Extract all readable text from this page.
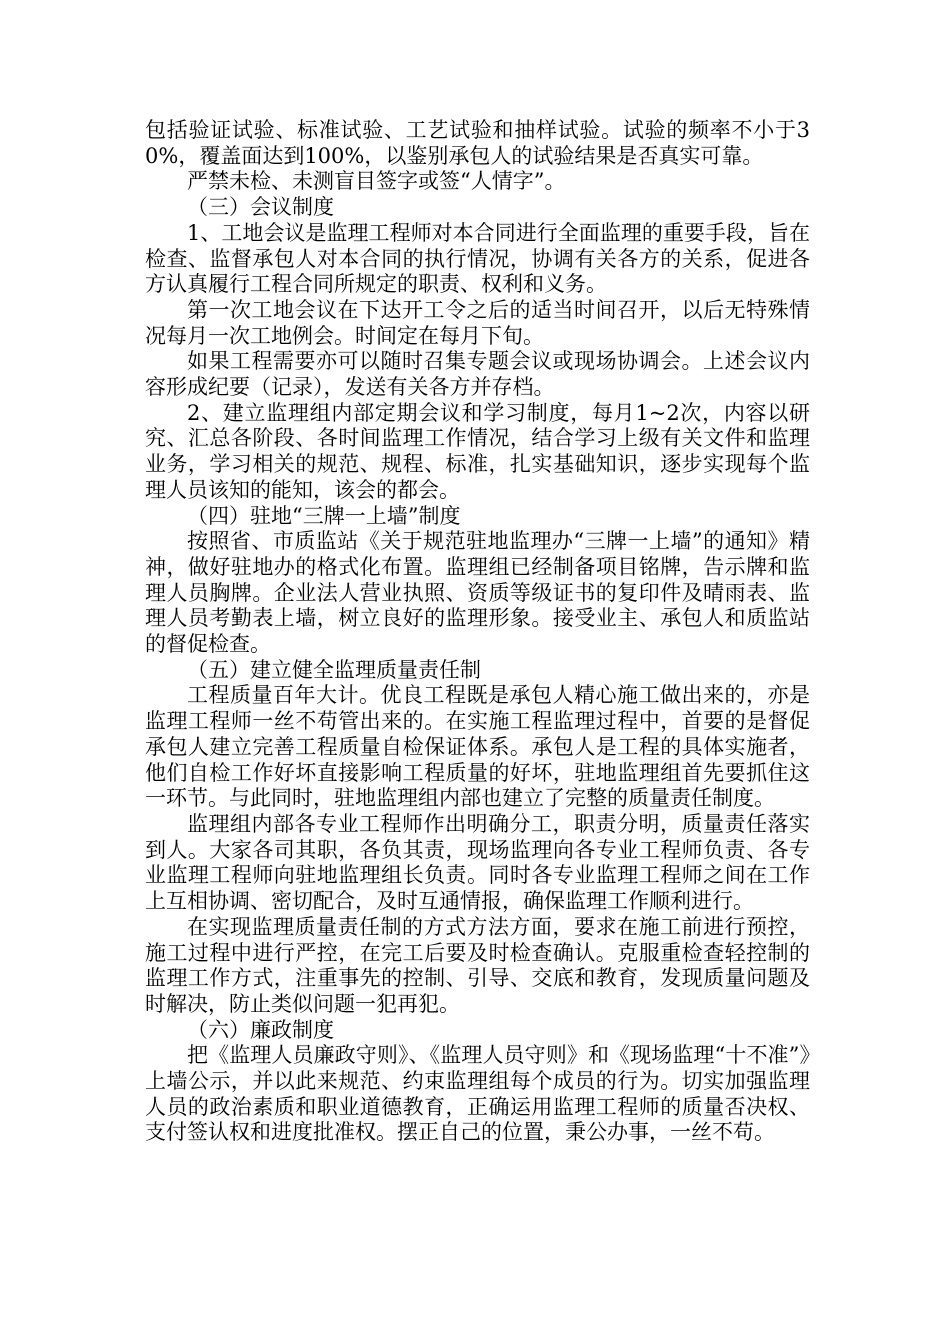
包括验证试验、标准试验、工艺试验和抽样试验。试验的频率不小于30%，覆盖面达到100%，以鉴别承包人的试验结果是否真实可靠。

严禁未检、未测盲目签字或签“人情字”。

（三）会议制度

1、工地会议是监理工程师对本合同进行全面监理的重要手段，旨在检查、监督承包人对本合同的执行情况，协调有关各方的关系，促进各方认真履行工程合同所规定的职责、权利和义务。

第一次工地会议在下达开工令之后的适当时间召开，以后无特殊情况每月一次工地例会。时间定在每月下旬。

如果工程需要亦可以随时召集专题会议或现场协调会。上述会议内容形成纪要（记录），发送有关各方并存档。

2、建立监理组内部定期会议和学习制度，每月1~2次，内容以研究、汇总各阶段、各时间监理工作情况，结合学习上级有关文件和监理业务，学习相关的规范、规程、标准，扎实基础知识，逐步实现每个监理人员该知的能知，该会的都会。

（四）驻地“三牌一上墙”制度

按照省、市质监站《关于规范驻地监理办“三牌一上墙”的通知》精神，做好驻地办的格式化布置。监理组已经制备项目铭牌，告示牌和监理人员胸牌。企业法人营业执照、资质等级证书的复印件及晴雨表、监理人员考勤表上墙，树立良好的监理形象。接受业主、承包人和质监站的督促检查。

（五）建立健全监理质量责任制

工程质量百年大计。优良工程既是承包人精心施工做出来的，亦是监理工程师一丝不苟管出来的。在实施工程监理过程中，首要的是督促承包人建立完善工程质量自检保证体系。承包人是工程的具体实施者，他们自检工作好坏直接影响工程质量的好坏，驻地监理组首先要抓住这一环节。与此同时，驻地监理组内部也建立了完整的质量责任制度。

监理组内部各专业工程师作出明确分工，职责分明，质量责任落实到人。大家各司其职，各负其责，现场监理向各专业工程师负责、各专业监理工程师向驻地监理组长负责。同时各专业监理工程师之间在工作上互相协调、密切配合，及时互通情报，确保监理工作顺利进行。

在实现监理质量责任制的方式方法方面，要求在施工前进行预控，施工过程中进行严控，在完工后要及时检查确认。克服重检查轻控制的监理工作方式，注重事先的控制、引导、交底和教育，发现质量问题及时解决，防止类似问题一犯再犯。

（六）廉政制度

把《监理人员廉政守则》、《监理人员守则》和《现场监理“十不准”》上墙公示，并以此来规范、约束监理组每个成员的行为。切实加强监理人员的政治素质和职业道德教育，正确运用监理工程师的质量否决权、支付签认权和进度批准权。摆正自己的位置，秉公办事，一丝不苟。
